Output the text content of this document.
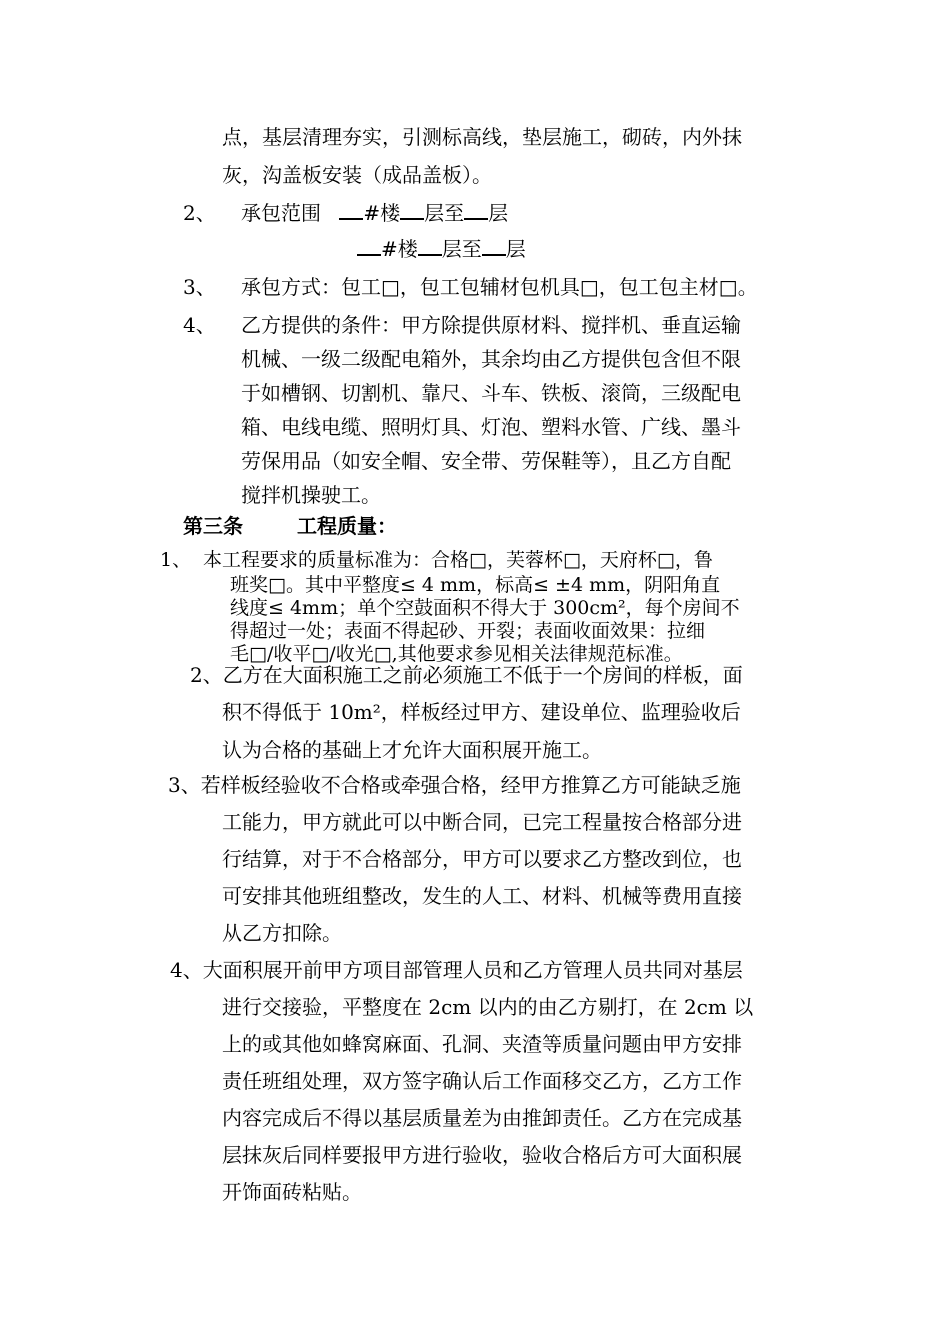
点，基层清理夯实，引测标高线，垫层施工，砌砖，内外抹
灰，沟盖板安装（成品盖板）。
2、 承包范围 #楼 层至 层
#楼 层至 层
3、 承包方式：包工□，包工包辅材包机具□，包工包主材□。
4、 乙方提供的条件：甲方除提供原材料、搅拌机、垂直运输
机械、一级二级配电箱外，其余均由乙方提供包含但不限
于如槽钢、切割机、靠尺、斗车、铁板、滚筒，三级配电
箱、电线电缆、照明灯具、灯泡、塑料水管、广线、墨斗
劳保用品（如安全帽、安全带、劳保鞋等），且乙方自配
搅拌机操驶工。
第三条	工程质量：
1、 本工程要求的质量标准为：合格□，芙蓉杯□，天府杯□，鲁
班奖□。其中平整度≤ 4 mm，标高≤ ±4 mm，阴阳角直
线度≤ 4mm；单个空鼓面积不得大于 300cm²，每个房间不
得超过一处；表面不得起砂、开裂；表面收面效果：拉细
毛□/收平□/收光□,其他要求参见相关法律规范标准。
2、乙方在大面积施工之前必须施工不低于一个房间的样板，面
积不得低于 10m²，样板经过甲方、建设单位、监理验收后
认为合格的基础上才允许大面积展开施工。
3、若样板经验收不合格或牵强合格，经甲方推算乙方可能缺乏施
工能力，甲方就此可以中断合同，已完工程量按合格部分进
行结算，对于不合格部分，甲方可以要求乙方整改到位，也
可安排其他班组整改，发生的人工、材料、机械等费用直接
从乙方扣除。
4、大面积展开前甲方项目部管理人员和乙方管理人员共同对基层
进行交接验，平整度在 2cm 以内的由乙方剔打，在 2cm 以
上的或其他如蜂窝麻面、孔洞、夹渣等质量问题由甲方安排
责任班组处理，双方签字确认后工作面移交乙方，乙方工作
内容完成后不得以基层质量差为由推卸责任。乙方在完成基
层抹灰后同样要报甲方进行验收，验收合格后方可大面积展
开饰面砖粘贴。
